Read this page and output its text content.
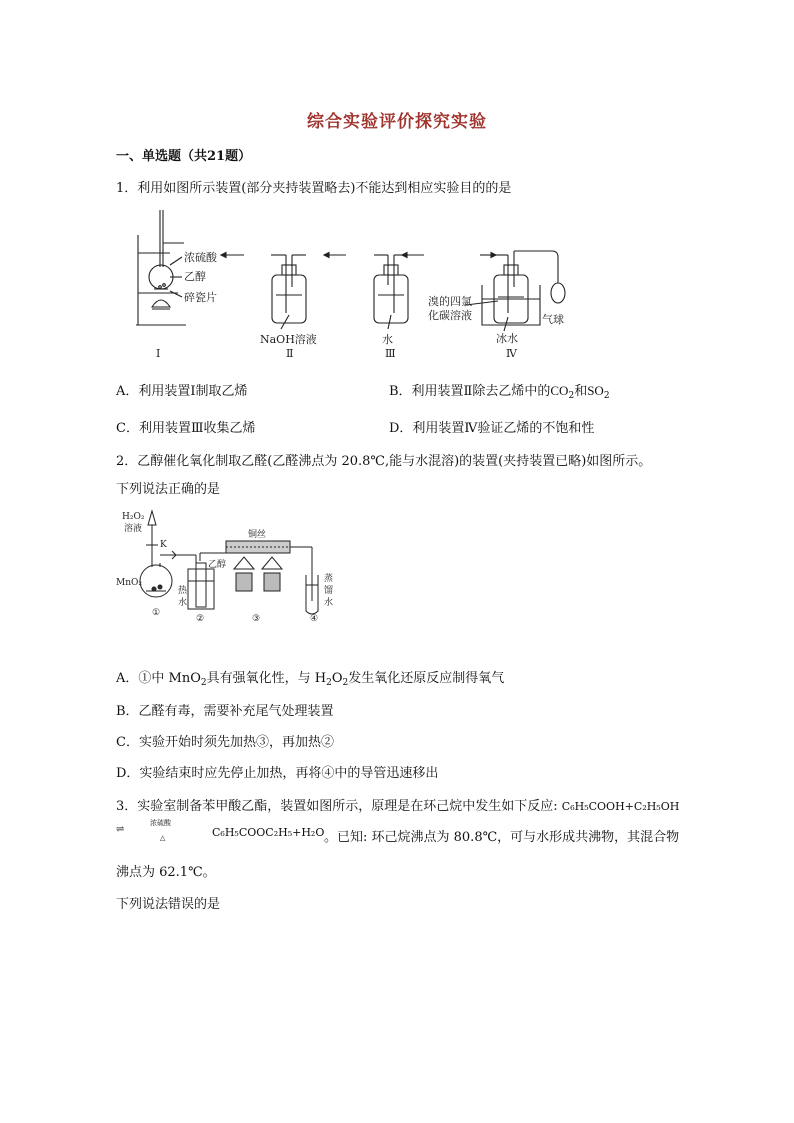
综合实验评价探究实验
一、单选题（共21题）
1．利用如图所示装置(部分夹持装置略去)不能达到相应实验目的的是
浓硫酸
乙醇
碎瓷片
NaOH溶液	水
溴的四氯
化碳溶液
冰水
气球
Ⅰ	Ⅱ	Ⅲ	Ⅳ
A．利用装置Ⅰ制取乙烯	B．利用装置Ⅱ除去乙烯中的$CO_2$和$SO_2$
C．利用装置Ⅲ收集乙烯	D．利用装置Ⅳ验证乙烯的不饱和性
2．乙醇催化氧化制取乙醛(乙醛沸点为 20.8℃,能与水混溶)的装置(夹持装置已略)如图所示。
下列说法正确的是
H₂O₂
溶液
K
MnO₂
热
水
乙醇
铜丝
蒸
馏
水
①
②	③	④
A．①中 MnO$_2$具有强氧化性，与 $H_2O_2$发生氧化还原反应制得氧气
B．乙醛有毒，需要补充尾气处理装置
C．实验开始时须先加热③，再加热②
D．实验结束时应先停止加热，再将④中的导管迅速移出
3．实验室制备苯甲酸乙酯，装置如图所示，原理是在环己烷中发生如下反应: C₆H₅COOH+C₂H₅OH
⇌
浓硫酸
△	C₆H₅COOC₂H₅+H₂O 。已知: 环己烷沸点为 80.8℃，可与水形成共沸物，其混合物
沸点为 62.1℃。
下列说法错误的是
